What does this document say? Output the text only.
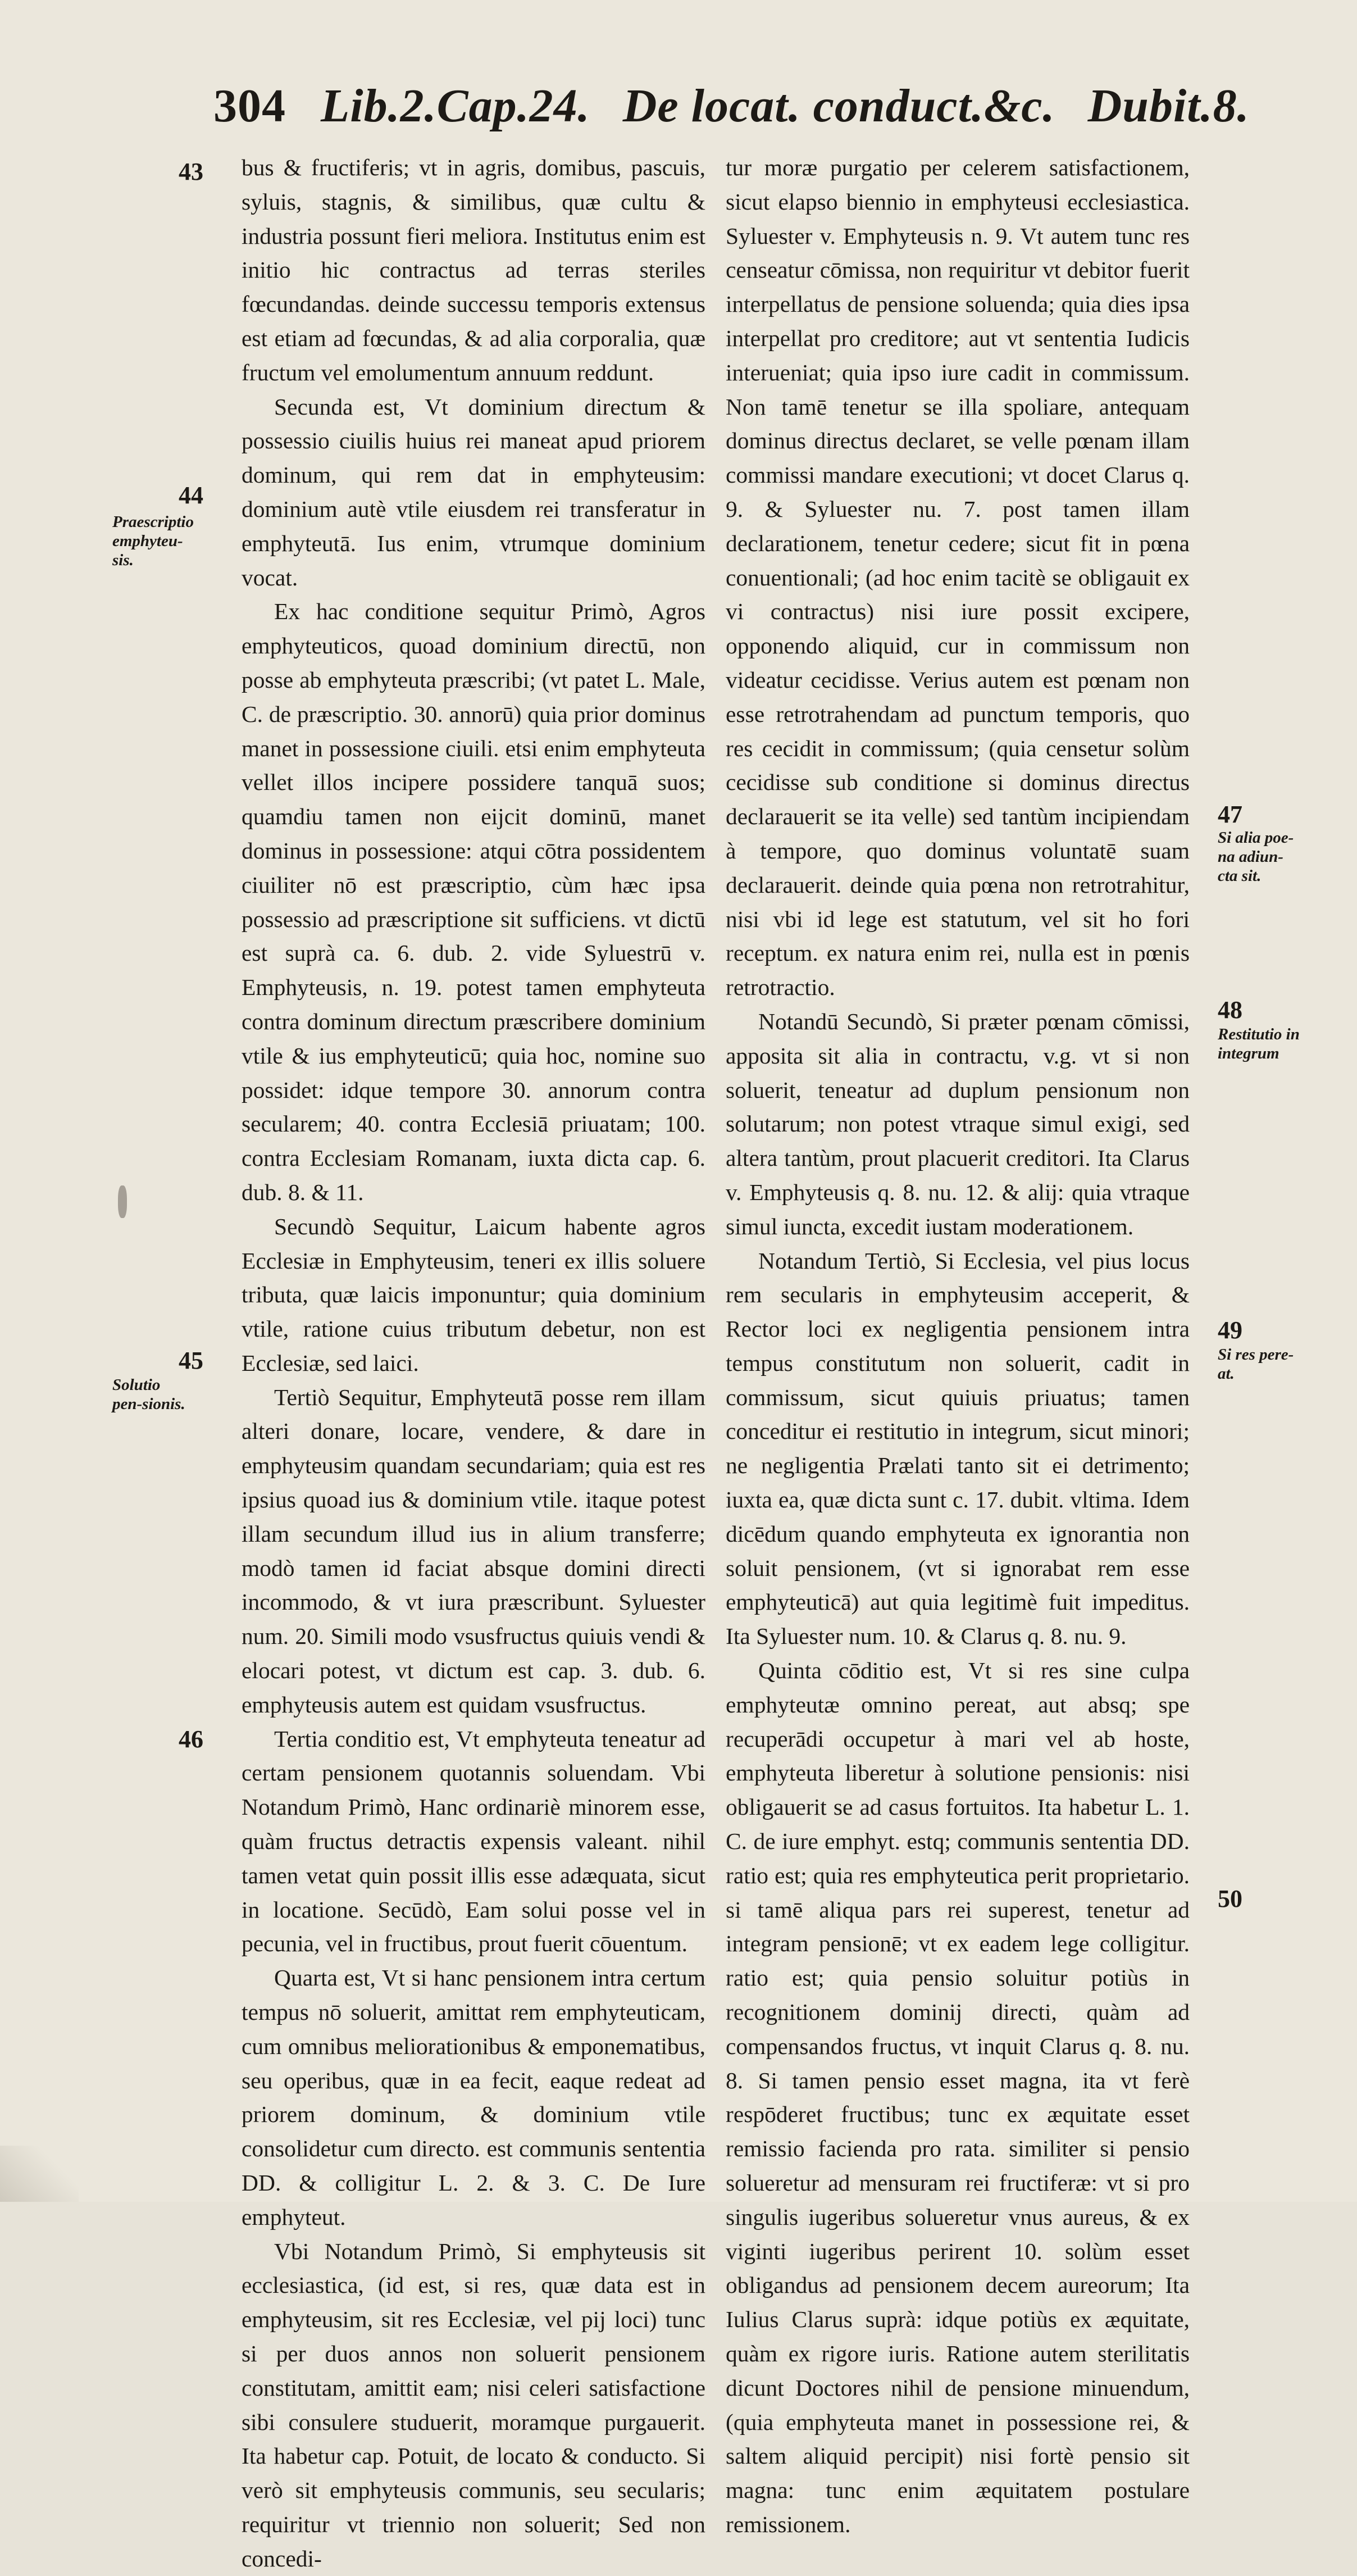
304 Lib.2.Cap.24. De locat. conduct.&c. Dubit.8.
43
44
45
46
47
48
49
50
Praescriptio emphyteu-sis.
Solutio pen-sionis.
Si alia poe-na adiun-cta sit.
Restitutio in integrum
Si res pere-at.

bus & fructiferis; vt in agris, domibus, pascuis, syluis, stagnis, & similibus, quæ cultu & industria possunt fieri meliora. Institutus enim est initio hic contractus ad terras steriles fœcundandas. deinde successu temporis extensus est etiam ad fœcundas, & ad alia corporalia, quæ fructum vel emolumentum annuum reddunt.

Secunda est, Vt dominium directum & possessio ciuilis huius rei maneat apud priorem dominum, qui rem dat in emphyteusim: dominium autè vtile eiusdem rei transferatur in emphyteutā. Ius enim, vtrumque dominium vocat.

Ex hac conditione sequitur Primò, Agros emphyteuticos, quoad dominium directū, non posse ab emphyteuta præscribi; (vt patet L. Male, C. de præscriptio. 30. annorū) quia prior dominus manet in possessione ciuili. etsi enim emphyteuta vellet illos incipere possidere tanquā suos; quamdiu tamen non eijcit dominū, manet dominus in possessione: atqui cōtra possidentem ciuiliter nō est præscriptio, cùm hæc ipsa possessio ad præscriptione sit sufficiens. vt dictū est suprà ca. 6. dub. 2. vide Syluestrū v. Emphyteusis, n. 19. potest tamen emphyteuta contra dominum directum præscribere dominium vtile & ius emphyteuticū; quia hoc, nomine suo possidet: idque tempore 30. annorum contra secularem; 40. contra Ecclesiā priuatam; 100. contra Ecclesiam Romanam, iuxta dicta cap. 6. dub. 8. & 11.

Secundò Sequitur, Laicum habente agros Ecclesiæ in Emphyteusim, teneri ex illis soluere tributa, quæ laicis imponuntur; quia dominium vtile, ratione cuius tributum debetur, non est Ecclesiæ, sed laici.

Tertiò Sequitur, Emphyteutā posse rem illam alteri donare, locare, vendere, & dare in emphyteusim quandam secundariam; quia est res ipsius quoad ius & dominium vtile. itaque potest illam secundum illud ius in alium transferre; modò tamen id faciat absque domini directi incommodo, & vt iura præscribunt. Syluester num. 20. Simili modo vsusfructus quiuis vendi & elocari potest, vt dictum est cap. 3. dub. 6. emphyteusis autem est quidam vsusfructus.

Tertia conditio est, Vt emphyteuta teneatur ad certam pensionem quotannis soluendam. Vbi Notandum Primò, Hanc ordinariè minorem esse, quàm fructus detractis expensis valeant. nihil tamen vetat quin possit illis esse adæquata, sicut in locatione. Secūdò, Eam solui posse vel in pecunia, vel in fructibus, prout fuerit cōuentum.

Quarta est, Vt si hanc pensionem intra certum tempus nō soluerit, amittat rem emphyteuticam, cum omnibus meliorationibus & emponematibus, seu operibus, quæ in ea fecit, eaque redeat ad priorem dominum, & dominium vtile consolidetur cum directo. est communis sententia DD. & colligitur L. 2. & 3. C. De Iure emphyteut.

Vbi Notandum Primò, Si emphyteusis sit ecclesiastica, (id est, si res, quæ data est in emphyteusim, sit res Ecclesiæ, vel pij loci) tunc si per duos annos non soluerit pensionem constitutam, amittit eam; nisi celeri satisfactione sibi consulere studuerit, moramque purgauerit. Ita habetur cap. Potuit, de locato & conducto. Si verò sit emphyteusis communis, seu secularis; requiritur vt triennio non soluerit; Sed non concedi-

tur moræ purgatio per celerem satisfactionem, sicut elapso biennio in emphyteusi ecclesiastica. Syluester v. Emphyteusis n. 9. Vt autem tunc res censeatur cōmissa, non requiritur vt debitor fuerit interpellatus de pensione soluenda; quia dies ipsa interpellat pro creditore; aut vt sententia Iudicis interueniat; quia ipso iure cadit in commissum. Non tamē tenetur se illa spoliare, antequam dominus directus declaret, se velle pœnam illam commissi mandare executioni; vt docet Clarus q. 9. & Syluester nu. 7. post tamen illam declarationem, tenetur cedere; sicut fit in pœna conuentionali; (ad hoc enim tacitè se obligauit ex vi contractus) nisi iure possit excipere, opponendo aliquid, cur in commissum non videatur cecidisse. Verius autem est pœnam non esse retrotrahendam ad punctum temporis, quo res cecidit in commissum; (quia censetur solùm cecidisse sub conditione si dominus directus declarauerit se ita velle) sed tantùm incipiendam à tempore, quo dominus voluntatē suam declarauerit. deinde quia pœna non retrotrahitur, nisi vbi id lege est statutum, vel sit ho fori receptum. ex natura enim rei, nulla est in pœnis retrotractio.

Notandū Secundò, Si præter pœnam cōmissi, apposita sit alia in contractu, v.g. vt si non soluerit, teneatur ad duplum pensionum non solutarum; non potest vtraque simul exigi, sed altera tantùm, prout placuerit creditori. Ita Clarus v. Emphyteusis q. 8. nu. 12. & alij: quia vtraque simul iuncta, excedit iustam moderationem.

Notandum Tertiò, Si Ecclesia, vel pius locus rem secularis in emphyteusim acceperit, & Rector loci ex negligentia pensionem intra tempus constitutum non soluerit, cadit in commissum, sicut quiuis priuatus; tamen conceditur ei restitutio in integrum, sicut minori; ne negligentia Prælati tanto sit ei detrimento; iuxta ea, quæ dicta sunt c. 17. dubit. vltima. Idem dicēdum quando emphyteuta ex ignorantia non soluit pensionem, (vt si ignorabat rem esse emphyteuticā) aut quia legitimè fuit impeditus. Ita Syluester num. 10. & Clarus q. 8. nu. 9.

Quinta cōditio est, Vt si res sine culpa emphyteutæ omnino pereat, aut absq; spe recuperādi occupetur à mari vel ab hoste, emphyteuta liberetur à solutione pensionis: nisi obligauerit se ad casus fortuitos. Ita habetur L. 1. C. de iure emphyt. estq; communis sententia DD. ratio est; quia res emphyteutica perit proprietario. si tamē aliqua pars rei superest, tenetur ad integram pensionē; vt ex eadem lege colligitur. ratio est; quia pensio soluitur potiùs in recognitionem dominij directi, quàm ad compensandos fructus, vt inquit Clarus q. 8. nu. 8. Si tamen pensio esset magna, ita vt ferè respōderet fructibus; tunc ex æquitate esset remissio facienda pro rata. similiter si pensio solueretur ad mensuram rei fructiferæ: vt si pro singulis iugeribus solueretur vnus aureus, & ex viginti iugeribus perirent 10. solùm esset obligandus ad pensionem decem aureorum; Ita Iulius Clarus suprà: idque potiùs ex æquitate, quàm ex rigore iuris. Ratione autem sterilitatis dicunt Doctores nihil de pensione minuendum, (quia emphyteuta manet in possessione rei, & saltem aliquid percipit) nisi fortè pensio sit magna: tunc enim æquitatem postulare remissionem.
